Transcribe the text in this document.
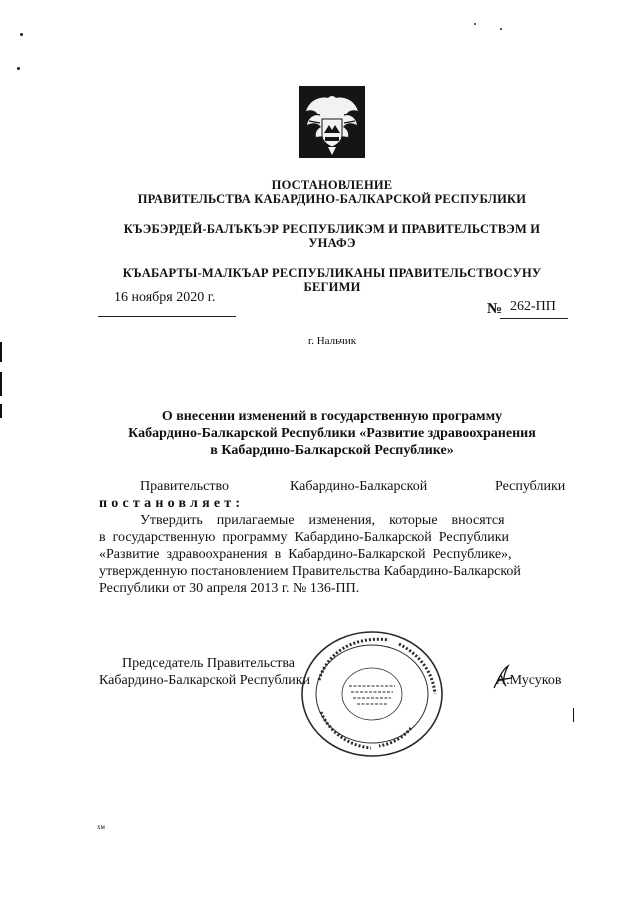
ПОСТАНОВЛЕНИЕ
ПРАВИТЕЛЬСТВА КАБАРДИНО-БАЛКАРСКОЙ РЕСПУБЛИКИ
КЪЭБЭРДЕЙ-БАЛЪКЪЭР РЕСПУБЛИКЭМ И ПРАВИТЕЛЬСТВЭМ И
УНАФЭ
КЪАБАРТЫ-МАЛКЪАР РЕСПУБЛИКАНЫ ПРАВИТЕЛЬСТВОСУНУ
БЕГИМИ
16 ноября 2020 г.
№ 262-ПП
г. Нальчик
О внесении изменений в государственную программу
Кабардино-Балкарской Республики «Развитие здравоохранения
в Кабардино-Балкарской Республике»
Правительство	Кабардино-Балкарской	Республики
постановляет:
Утвердить    прилагаемые    изменения,    которые    вносятся
в  государственную  программу  Кабардино-Балкарской  Республики
«Развитие  здравоохранения  в  Кабардино-Балкарской  Республике»,
утвержденную постановлением Правительства Кабардино-Балкарской
Республики от 30 апреля 2013 г. № 136-ПП.
Председатель Правительства
Кабардино-Балкарской Республики	А.Мусуков
хм
